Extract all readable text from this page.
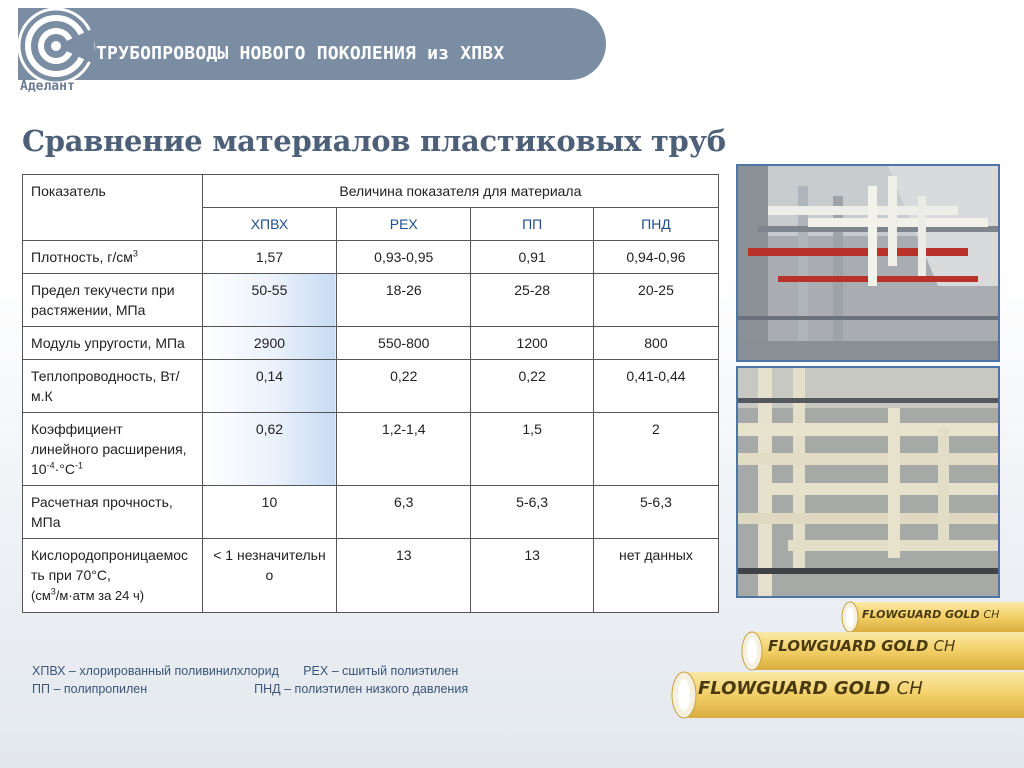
ТРУБОПРОВОДЫ НОВОГО ПОКОЛЕНИЯ из ХПВХ
Аделант
Сравнение материалов пластиковых труб
Показатель	Величина показателя для материала			
	ХПВХ	PEX	ПП	ПНД
Плотность, $г/см^3$	1,57	0,93-0,95	0,91	0,94-0,96
Предел текучести при растяжении, МПа	50-55	18-26	25-28	20-25
Модуль упругости, МПа	2900	550-800	1200	800
Теплопроводность, Вт/м.К	0,14	0,22	0,22	0,41-0,44
Коэффициент линейного расширения,
$10^{-4}\cdot^\circ C^{-1}$	0,62	1,2-1,4	1,5	2
Расчетная прочность, МПа	10	6,3	5-6,3	5-6,3
Кислородопроницаемость при 70°C,
($см^3/м\cdot атм$ за 24 ч)	< 1 незначительно	13	13	нет данных
ХПВХ – хлорированный поливинилхлорид PEX – сшитый полиэтилен
ПП – полипропилен	ПНД – полиэтилен низкого давления
FLOWGUARD GOLD CH
FLOWGUARD GOLD CH
FLOWGUARD GOLD CH
